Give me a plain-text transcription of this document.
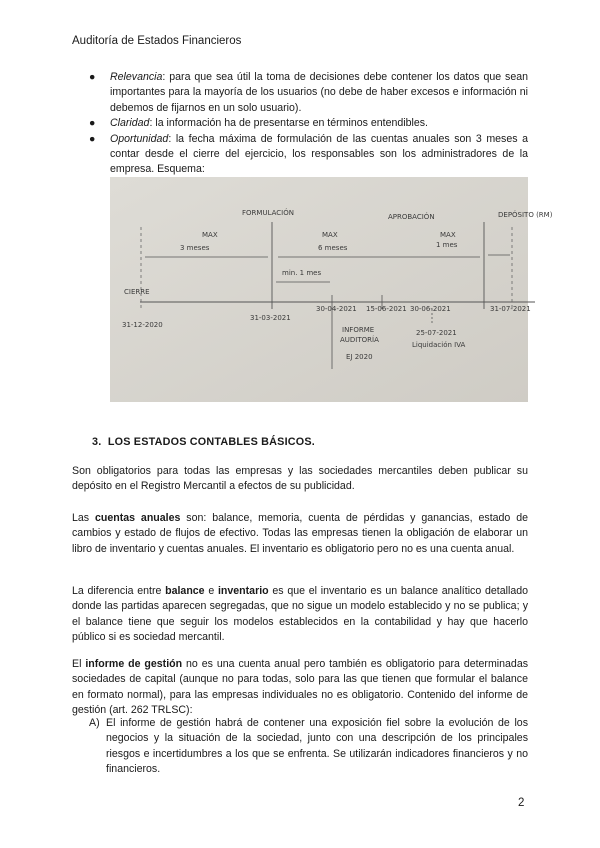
Auditoría de Estados Financieros
● Relevancia: para que sea útil la toma de decisiones debe contener los datos que sean importantes para la mayoría de los usuarios (no debe de haber excesos e información ni debemos de fijarnos en un solo usuario).
● Claridad: la información ha de presentarse en términos entendibles.
● Oportunidad: la fecha máxima de formulación de las cuentas anuales son 3 meses a contar desde el cierre del ejercicio, los responsables son los administradores de la empresa. Esquema:
FORMULACIÓN	APROBACIÓN	DEPÓSITO (RM)
MAX
3 meses
MAX
6 meses
MAX
1 mes
min. 1 mes
CIERRE
31-12-2020
31-03-2021
30-04-2021 15-06-2021 30-06-2021	31-07-2021
INFORME
AUDITORÍA
EJ 2020
25-07-2021
Liquidación IVA
3. LOS ESTADOS CONTABLES BÁSICOS.
Son obligatorios para todas las empresas y las sociedades mercantiles deben publicar su depósito en el Registro Mercantil a efectos de su publicidad.
Las cuentas anuales son: balance, memoria, cuenta de pérdidas y ganancias, estado de cambios y estado de flujos de efectivo. Todas las empresas tienen la obligación de elaborar un libro de inventario y cuentas anuales. El inventario es obligatorio pero no es una cuenta anual.
La diferencia entre balance e inventario es que el inventario es un balance analítico detallado donde las partidas aparecen segregadas, que no sigue un modelo establecido y no se publica; y el balance tiene que seguir los modelos establecidos en la contabilidad y hay que hacerlo público si es sociedad mercantil.
El informe de gestión no es una cuenta anual pero también es obligatorio para determinadas sociedades de capital (aunque no para todas, solo para las que tienen que formular el balance en formato normal), para las empresas individuales no es obligatorio. Contenido del informe de gestión (art. 262 TRLSC):
A) El informe de gestión habrá de contener una exposición fiel sobre la evolución de los negocios y la situación de la sociedad, junto con una descripción de los principales riesgos e incertidumbres a los que se enfrenta. Se utilizarán indicadores financieros y no financieros.
2
